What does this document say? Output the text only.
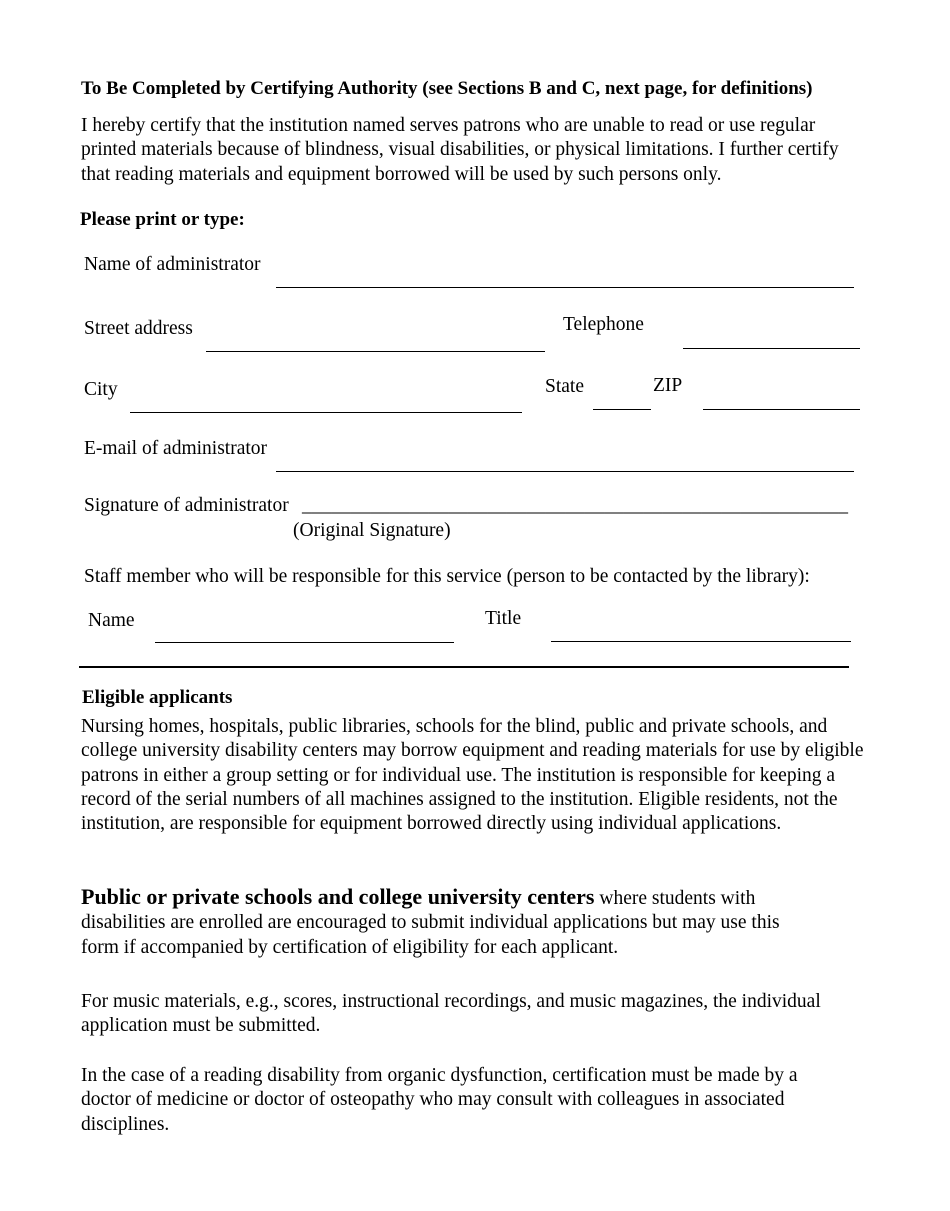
To Be Completed by Certifying Authority (see Sections B and C, next page, for definitions)
I hereby certify that the institution named serves patrons who are unable to read or use regular printed materials because of blindness, visual disabilities, or physical limitations. I further certify that reading materials and equipment borrowed will be used by such persons only.
Please print or type:
Name of administrator
Street address	Telephone
City	State	ZIP
E-mail of administrator
Signature of administrator ________________________________________________________
(Original Signature)
Staff member who will be responsible for this service (person to be contacted by the library):
Name	Title
Eligible applicants
Nursing homes, hospitals, public libraries, schools for the blind, public and private schools, and college university disability centers may borrow equipment and reading materials for use by eligible patrons in either a group setting or for individual use. The institution is responsible for keeping a record of the serial numbers of all machines assigned to the institution. Eligible residents, not the institution, are responsible for equipment borrowed directly using individual applications.
Public or private schools and college university centers where students with disabilities are enrolled are encouraged to submit individual applications but may use this form if accompanied by certification of eligibility for each applicant.
For music materials, e.g., scores, instructional recordings, and music magazines, the individual application must be submitted.
In the case of a reading disability from organic dysfunction, certification must be made by a doctor of medicine or doctor of osteopathy who may consult with colleagues in associated disciplines.
